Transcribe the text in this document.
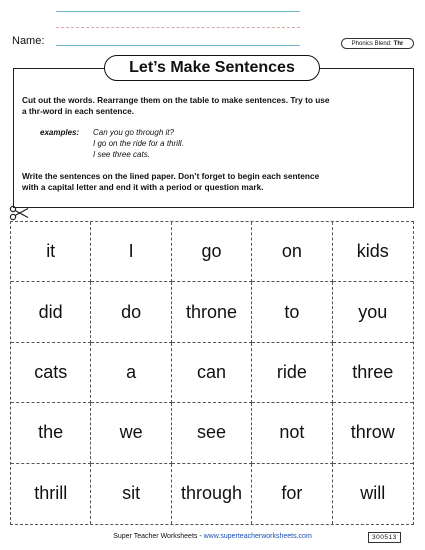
Name:	Phonics Blend: Thr
Let’s Make Sentences
Cut out the words. Rearrange them on the table to make sentences. Try to use
a thr-word in each sentence.
examples: Can you go through it?
I go on the ride for a thrill.
I see three cats.
Write the sentences on the lined paper. Don’t forget to begin each sentence
with a capital letter and end it with a period or question mark.
it	I	go	on	kids
did	do	throne	to	you
cats	a	can	ride	three
the	we	see	not	throw
thrill	sit	through	for	will
Super Teacher Worksheets - www.superteacherworksheets.com	300513
